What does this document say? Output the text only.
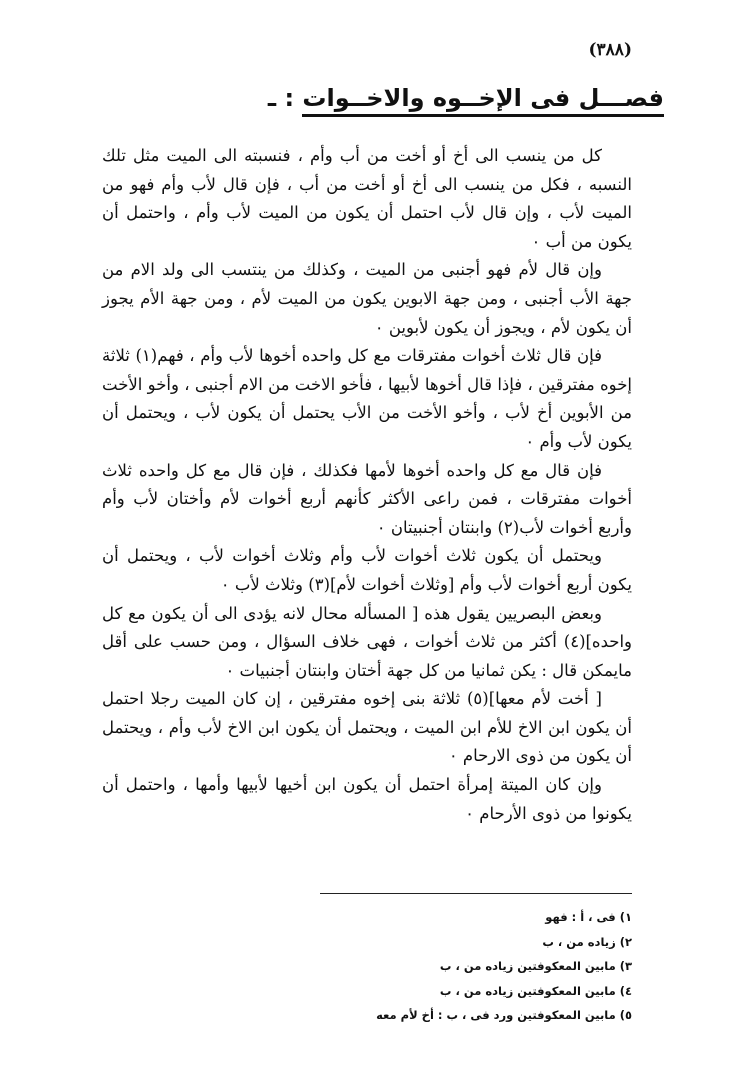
(٣٨٨)
فصـــل فى الإخــوه والاخــوات : ـ

كل من ينسب الى أخ أو أخت من أب وأم ، فنسبته الى الميت مثل تلك النسبه ، فكل من ينسب الى أخ أو أخت من أب ، فإن قال لأب وأم فهو من الميت لأب ، وإن قال لأب احتمل أن يكون من الميت لأب وأم ، واحتمل أن يكون من أب ٠

وإن قال لأم فهو أجنبى من الميت ، وكذلك من ينتسب الى ولد الام من جهة الأب أجنبى ، ومن جهة الابوين يكون من الميت لأم ، ومن جهة الأم يجوز أن يكون لأم ، ويجوز أن يكون لأبوين ٠

فإن قال ثلاث أخوات مفترقات مع كل واحده أخوها لأب وأم ، فهم(١) ثلاثة إخوه مفترقين ، فإذا قال أخوها لأبيها ، فأخو الاخت من الام أجنبى ، وأخو الأخت من الأبوين أخ لأب ، وأخو الأخت من الأب يحتمل أن يكون لأب ، ويحتمل أن يكون لأب وأم ٠

فإن قال مع كل واحده أخوها لأمها فكذلك ، فإن قال مع كل واحده ثلاث أخوات مفترقات ، فمن راعى الأكثر كأنهم أربع أخوات لأم وأختان لأب وأم وأربع أخوات لأب(٢) وابنتان أجنبيتان ٠

ويحتمل أن يكون ثلاث أخوات لأب وأم وثلاث أخوات لأب ، ويحتمل أن يكون أربع أخوات لأب وأم [وثلاث أخوات لأم](٣) وثلاث لأب ٠

وبعض البصريين يقول هذه [ المسأله محال لانه يؤدى الى أن يكون مع كل واحده](٤) أكثر من ثلاث أخوات ، فهى خلاف السؤال ، ومن حسب على أقل مايمكن قال : يكن ثمانيا من كل جهة أختان وابنتان أجنبيات ٠

[ أخت لأم معها](٥) ثلاثة بنى إخوه مفترقين ، إن كان الميت رجلا احتمل أن يكون ابن الاخ للأم ابن الميت ، ويحتمل أن يكون ابن الاخ لأب وأم ، ويحتمل أن يكون من ذوى الارحام ٠

وإن كان الميتة إمرأة احتمل أن يكون ابن أخيها لأبيها وأمها ، واحتمل أن يكونوا من ذوى الأرحام ٠

١) فى ، أ : فهو
٢) زياده من ، ب
٣) مابين المعكوفتين زياده من ، ب
٤) مابين المعكوفتين زياده من ، ب
٥) مابين المعكوفتين ورد فى ، ب : أخ لأم معه
